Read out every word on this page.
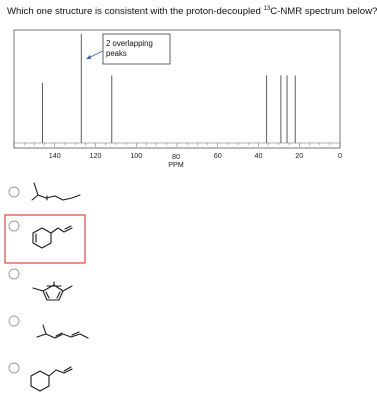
Which one structure is consistent with the proton-decoupled $^{13}$C-NMR spectrum below?
140	120	100	60	40	20	0
80
PPM
2 overlapping
peaks
